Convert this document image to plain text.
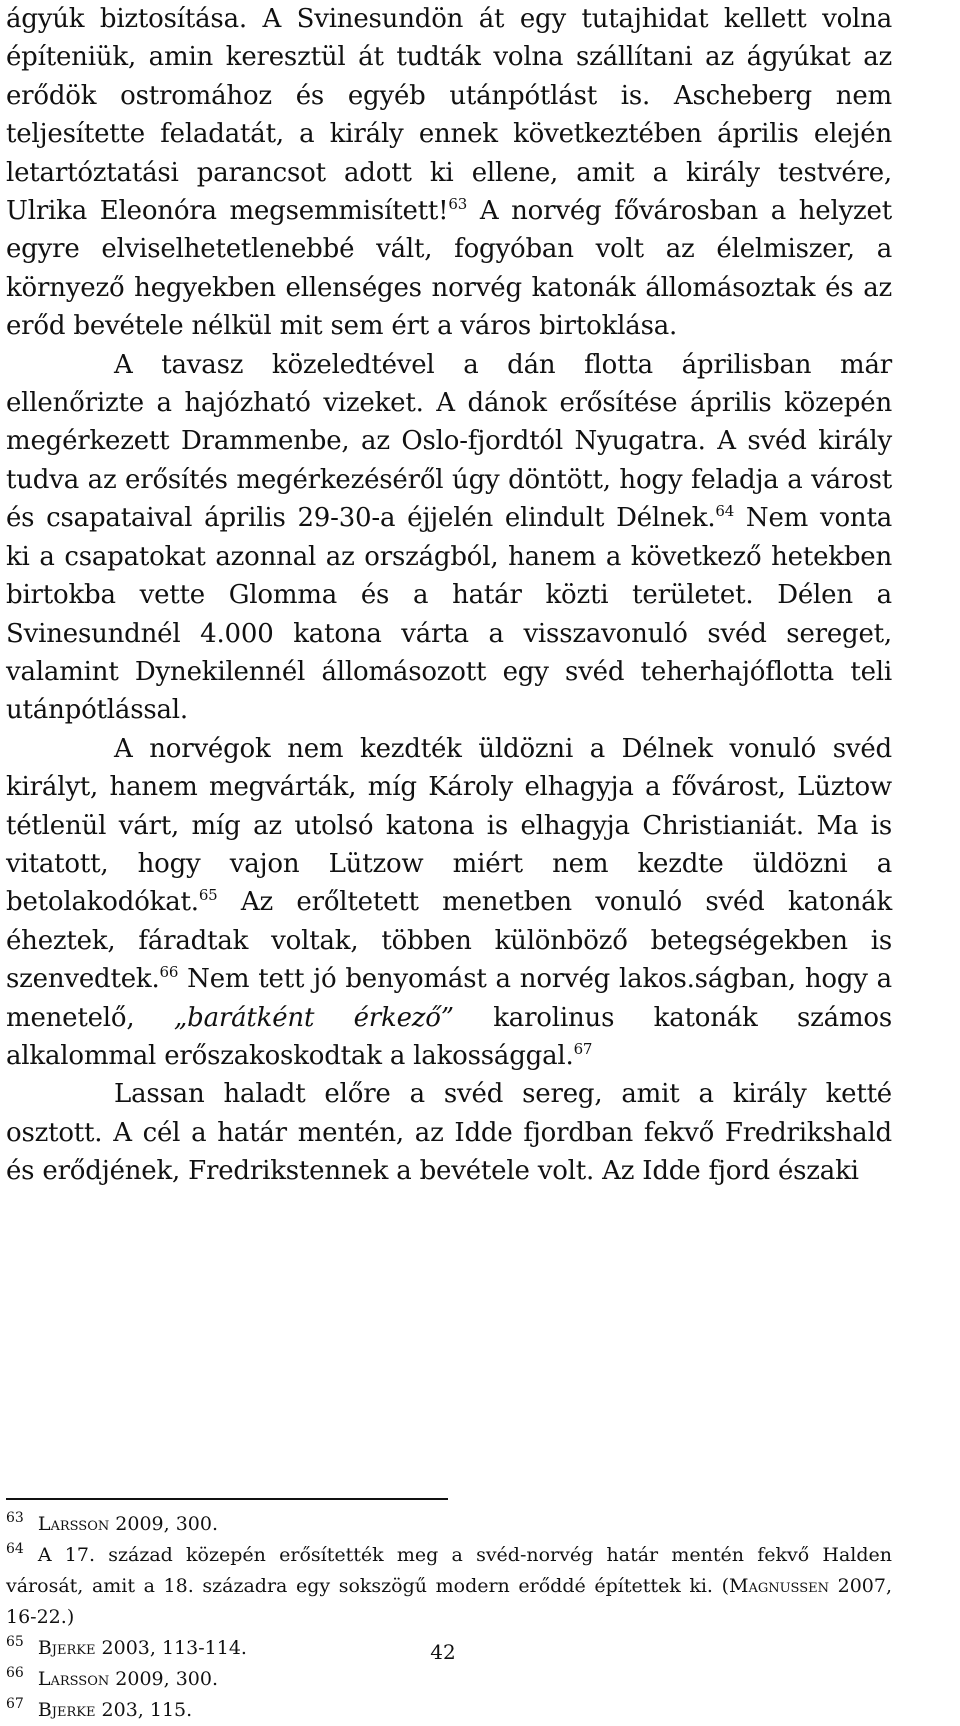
ágyúk biztosítása. A Svinesundön át egy tutajhidat kellett volna építeniük, amin keresztül át tudták volna szállítani az ágyúkat az erődök ostromához és egyéb utánpótlást is. Ascheberg nem teljesítette feladatát, a király ennek következtében április elején letartóztatási parancsot adott ki ellene, amit a király testvére, Ulrika Eleonóra megsemmisített!$^{63}$ A norvég fővárosban a helyzet egyre elviselhetetlenebbé vált, fogyóban volt az élelmiszer, a környező hegyekben ellenséges norvég katonák állomásoztak és az erőd bevétele nélkül mit sem ért a város birtoklása.

A tavasz közeledtével a dán flotta áprilisban már ellenőrizte a hajózható vizeket. A dánok erősítése április közepén megérkezett Drammenbe, az Oslo-fjordtól Nyugatra. A svéd király tudva az erősítés megérkezéséről úgy döntött, hogy feladja a várost és csapataival április 29-30-a éjjelén elindult Délnek.$^{64}$ Nem vonta ki a csapatokat azonnal az országból, hanem a következő hetekben birtokba vette Glomma és a határ közti területet. Délen a Svinesundnél 4.000 katona várta a visszavonuló svéd sereget, valamint Dynekilennél állomásozott egy svéd teherhajóflotta teli utánpótlással.

A norvégok nem kezdték üldözni a Délnek vonuló svéd királyt, hanem megvárták, míg Károly elhagyja a fővárost, Lüztow tétlenül várt, míg az utolsó katona is elhagyja Christianiát. Ma is vitatott, hogy vajon Lützow miért nem kezdte üldözni a betolakodókat.$^{65}$ Az erőltetett menetben vonuló svéd katonák éheztek, fáradtak voltak, többen különböző betegségekben is szenvedtek.$^{66}$ Nem tett jó benyomást a norvég lakos.ságban, hogy a menetelő, „barátként érkező” karolinus katonák számos alkalommal erőszakoskodtak a lakossággal.$^{67}$

Lassan haladt előre a svéd sereg, amit a király ketté osztott. A cél a határ mentén, az Idde fjordban fekvő Fredrikshald és erődjének, Fredrikstennek a bevétele volt. Az Idde fjord északi

$^{63}$ Larsson 2009, 300.

$^{64}$ A 17. század közepén erősítették meg a svéd-norvég határ mentén fekvő Halden városát, amit a 18. századra egy sokszögű modern erőddé építettek ki. (Magnussen 2007, 16-22.)

$^{65}$ Bjerke 2003, 113-114.

$^{66}$ Larsson 2009, 300.

$^{67}$ Bjerke 203, 115.

42
